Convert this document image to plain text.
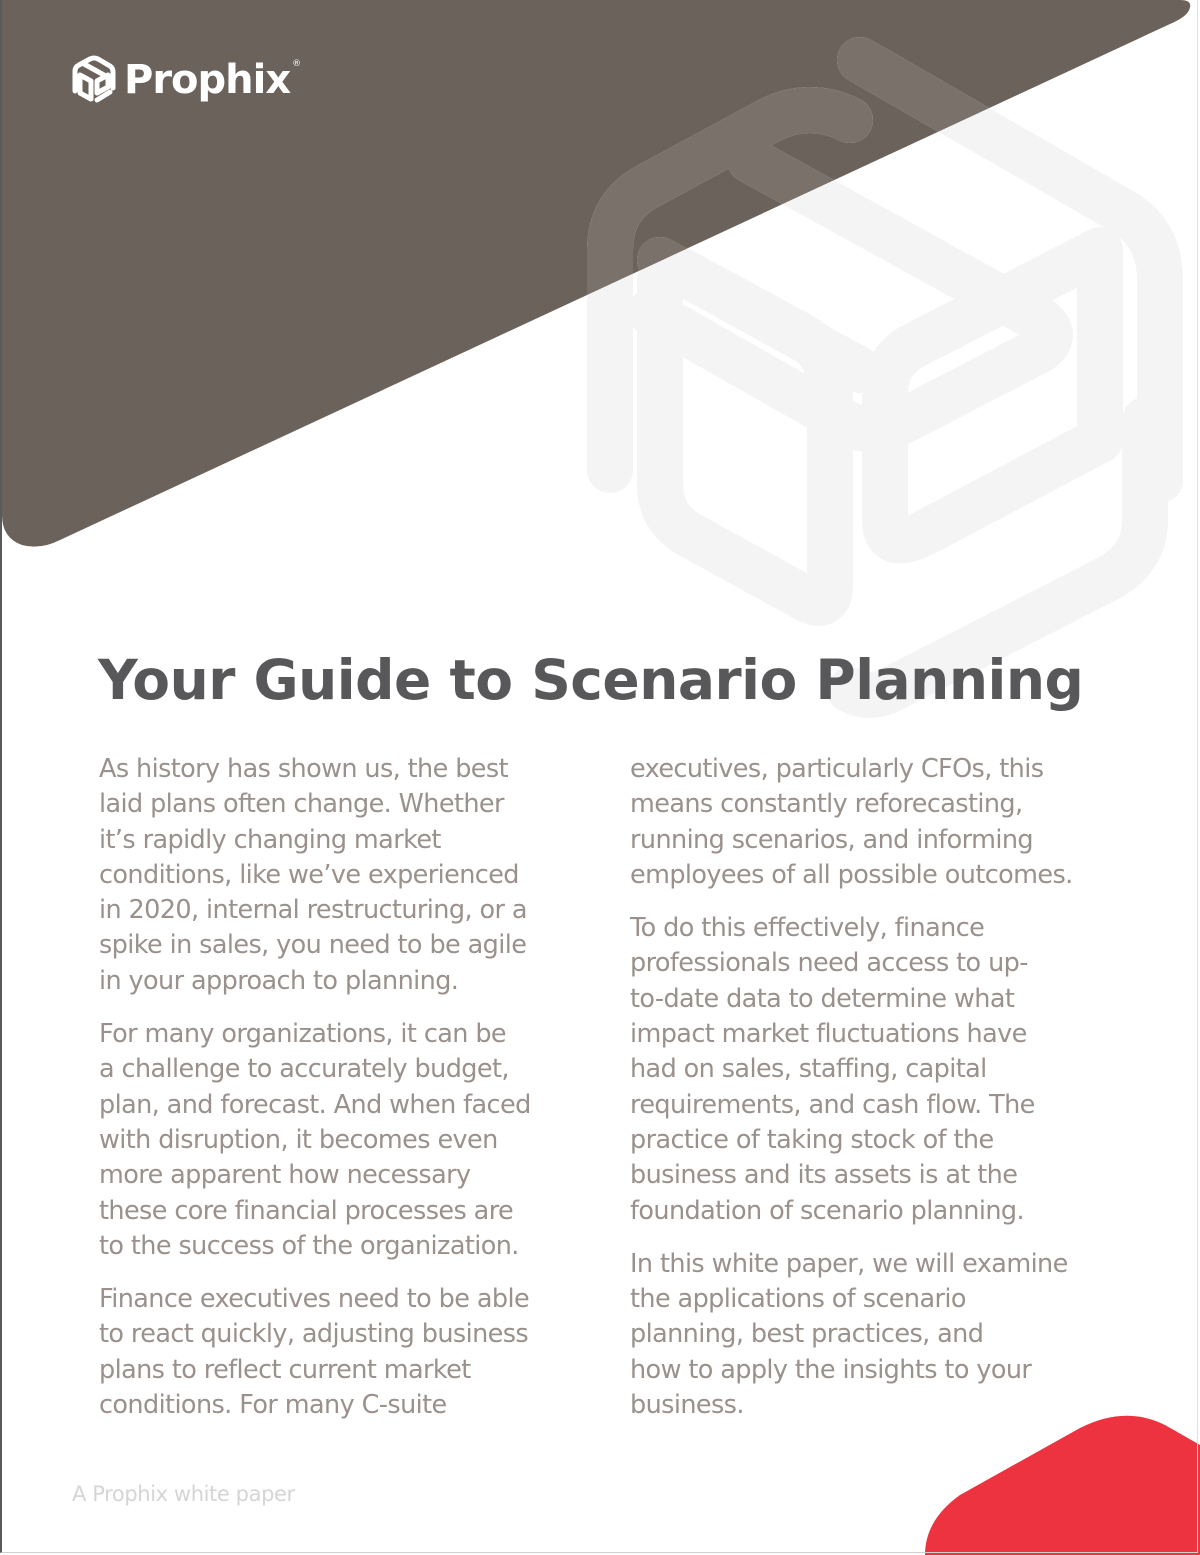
Prophix ®
Your Guide to Scenario Planning

As history has shown us, the best
laid plans often change. Whether
it’s rapidly changing market
conditions, like we’ve experienced
in 2020, internal restructuring, or a
spike in sales, you need to be agile
in your approach to planning.

For many organizations, it can be
a challenge to accurately budget,
plan, and forecast. And when faced
with disruption, it becomes even
more apparent how necessary
these core financial processes are
to the success of the organization.

Finance executives need to be able
to react quickly, adjusting business
plans to reflect current market
conditions. For many C-suite

executives, particularly CFOs, this
means constantly reforecasting,
running scenarios, and informing
employees of all possible outcomes.

To do this effectively, finance
professionals need access to up-
to-date data to determine what
impact market fluctuations have
had on sales, staffing, capital
requirements, and cash flow. The
practice of taking stock of the
business and its assets is at the
foundation of scenario planning.

In this white paper, we will examine
the applications of scenario
planning, best practices, and
how to apply the insights to your
business.

A Prophix white paper
